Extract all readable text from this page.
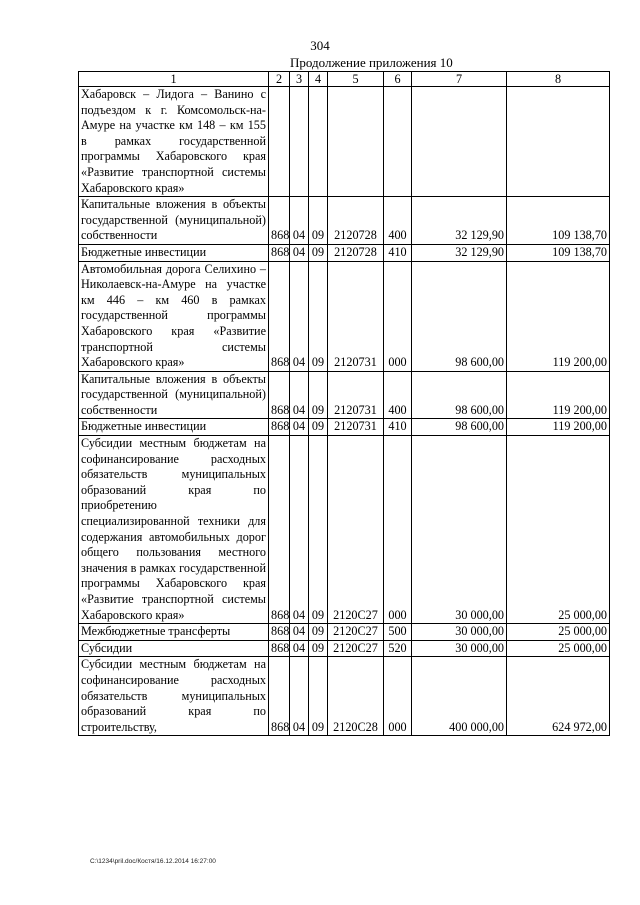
304
Продолжение приложения 10
1	2	3	4	5	6	7	8
Хабаровск – Лидога – Ванино с подъездом к г. Комсомольск-на-Амуре на участке км 148 – км 155 в рамках государственной программы Хабаровского края «Развитие транспортной системы Хабаровского края»							
Капитальные вложения в объекты государственной (муниципальной) собственности	868	04	09	2120728	400	32 129,90	109 138,70
Бюджетные инвестиции	868	04	09	2120728	410	32 129,90	109 138,70
Автомобильная дорога Селихино – Николаевск-на-Амуре на участке км 446 – км 460 в рамках государственной программы Хабаровского края «Развитие транспортной системы Хабаровского края»	868	04	09	2120731	000	98 600,00	119 200,00
Капитальные вложения в объекты государственной (муниципальной) собственности	868	04	09	2120731	400	98 600,00	119 200,00
Бюджетные инвестиции	868	04	09	2120731	410	98 600,00	119 200,00
Субсидии местным бюджетам на софинансирование расходных обязательств муниципальных образований края по приобретению специализированной техники для содержания автомобильных дорог общего пользования местного значения в рамках государственной программы Хабаровского края «Развитие транспортной системы Хабаровского края»	868	04	09	2120С27	000	30 000,00	25 000,00
Межбюджетные трансферты	868	04	09	2120С27	500	30 000,00	25 000,00
Субсидии	868	04	09	2120С27	520	30 000,00	25 000,00
Субсидии местным бюджетам на софинансирование расходных обязательств муниципальных образований края по строительству,	868	04	09	2120С28	000	400 000,00	624 972,00
C:\1234\pril.doc/Костя/16.12.2014 16:27:00
